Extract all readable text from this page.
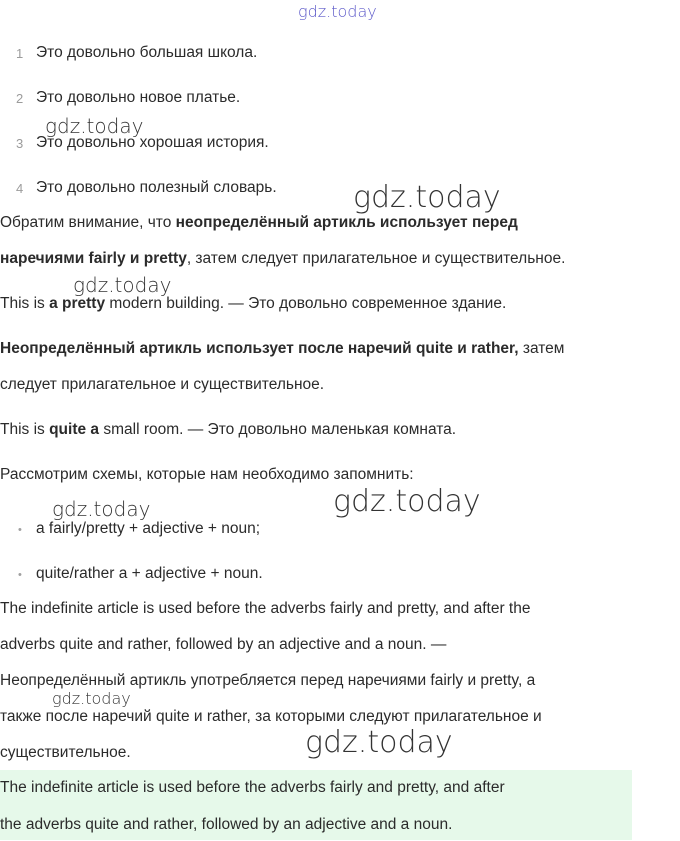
gdz.today
gdz.today
gdz.today
gdz.today
gdz.today	gdz.today
gdz.today
gdz.today
1 Это довольно большая школа.
2 Это довольно новое платье.
3 Это довольно хорошая история.
4 Это довольно полезный словарь.
Обратим внимание, что неопределённый артикль использует перед
наречиями fairly и pretty, затем следует прилагательное и существительное.
This is a pretty modern building. — Это довольно современное здание.
Неопределённый артикль использует после наречий quite и rather, затем
следует прилагательное и существительное.
This is quite a small room. — Это довольно маленькая комната.
Рассмотрим схемы, которые нам необходимо запомнить:
• a fairly/pretty + adjective + noun;
• quite/rather a + adjective + noun.
The indefinite article is used before the adverbs fairly and pretty, and after the
adverbs quite and rather, followed by an adjective and a noun. —
Неопределённый артикль употребляется перед наречиями fairly и pretty, а
также после наречий quite и rather, за которыми следуют прилагательное и
существительное.
The indefinite article is used before the adverbs fairly and pretty, and after
the adverbs quite and rather, followed by an adjective and a noun.
